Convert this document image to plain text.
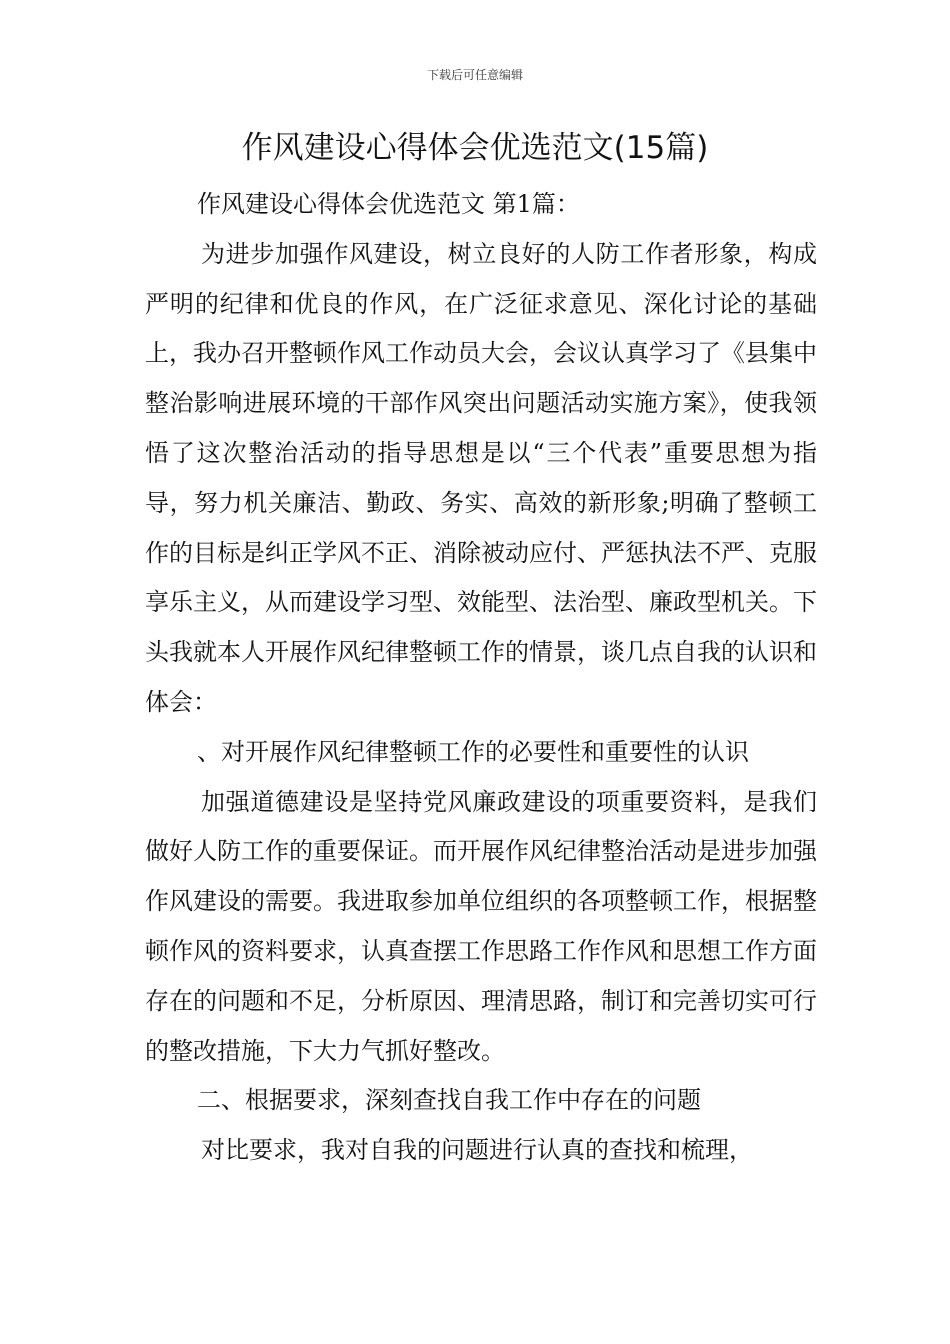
下载后可任意编辑
作风建设心得体会优选范文(15篇)

作风建设心得体会优选范文 第1篇：

为进步加强作风建设，树立良好的人防工作者形象，构成严明的纪律和优良的作风，在广泛征求意见、深化讨论的基础上，我办召开整顿作风工作动员大会，会议认真学习了《县集中整治影响进展环境的干部作风突出问题活动实施方案》，使我领悟了这次整治活动的指导思想是以“三个代表”重要思想为指导，努力机关廉洁、勤政、务实、高效的新形象;明确了整顿工作的目标是纠正学风不正、消除被动应付、严惩执法不严、克服享乐主义，从而建设学习型、效能型、法治型、廉政型机关。下头我就本人开展作风纪律整顿工作的情景，谈几点自我的认识和体会：

、对开展作风纪律整顿工作的必要性和重要性的认识

加强道德建设是坚持党风廉政建设的项重要资料，是我们做好人防工作的重要保证。而开展作风纪律整治活动是进步加强作风建设的需要。我进取参加单位组织的各项整顿工作，根据整顿作风的资料要求，认真查摆工作思路工作作风和思想工作方面存在的问题和不足，分析原因、理清思路，制订和完善切实可行的整改措施，下大力气抓好整改。

二、根据要求，深刻查找自我工作中存在的问题

对比要求，我对自我的问题进行认真的查找和梳理，
